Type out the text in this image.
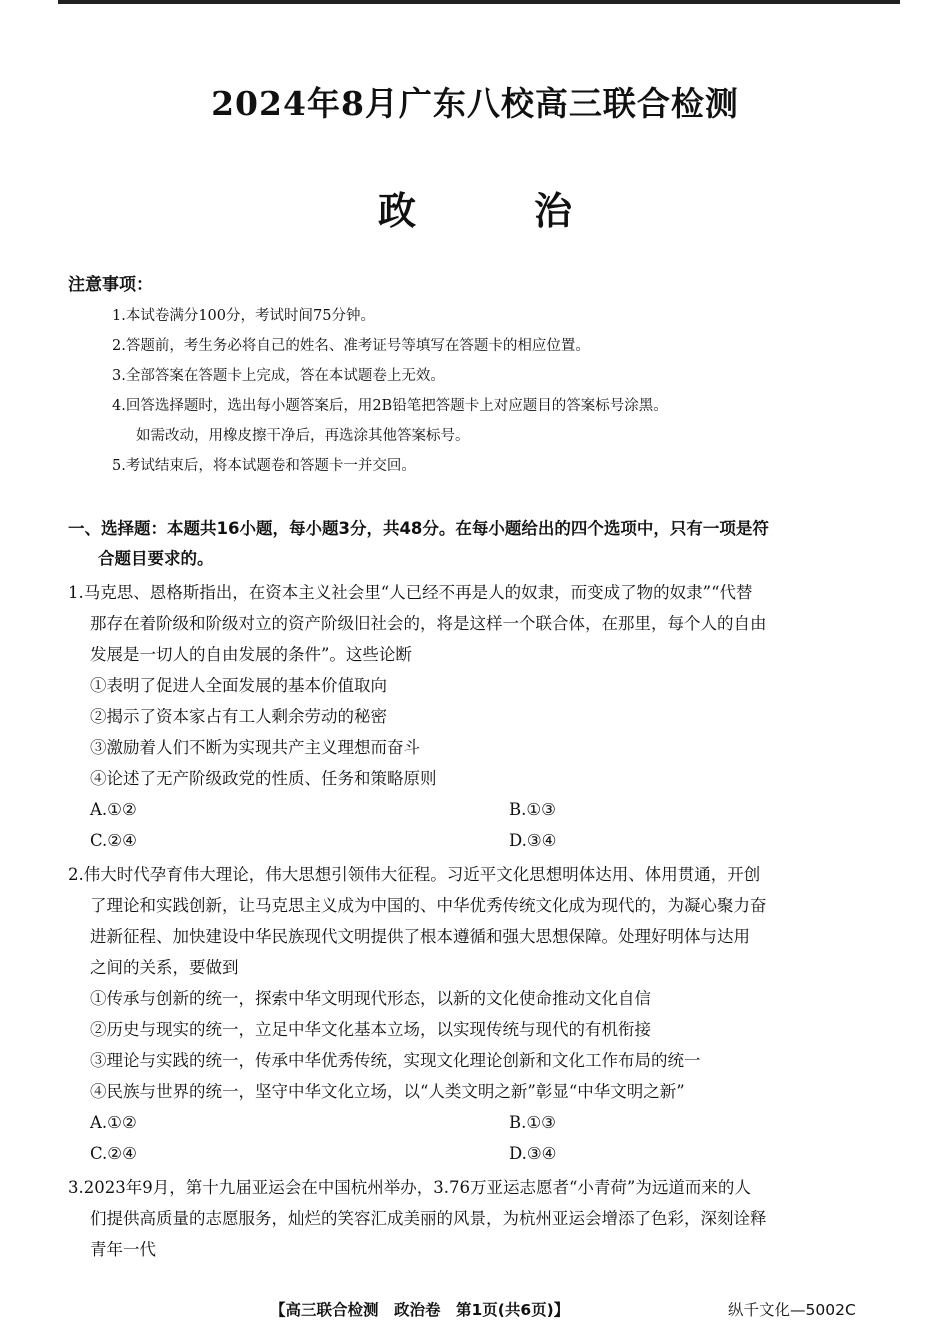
2024年8月广东八校高三联合检测
政　治
注意事项：
1.本试卷满分100分，考试时间75分钟。
2.答题前，考生务必将自己的姓名、准考证号等填写在答题卡的相应位置。
3.全部答案在答题卡上完成，答在本试题卷上无效。
4.回答选择题时，选出每小题答案后，用2B铅笔把答题卡上对应题目的答案标号涂黑。
如需改动，用橡皮擦干净后，再选涂其他答案标号。
5.考试结束后，将本试题卷和答题卡一并交回。
一、选择题：本题共16小题，每小题3分，共48分。在每小题给出的四个选项中，只有一项是符
合题目要求的。
1.马克思、恩格斯指出，在资本主义社会里“人已经不再是人的奴隶，而变成了物的奴隶”“代替
那存在着阶级和阶级对立的资产阶级旧社会的，将是这样一个联合体，在那里，每个人的自由
发展是一切人的自由发展的条件”。这些论断
①表明了促进人全面发展的基本价值取向
②揭示了资本家占有工人剩余劳动的秘密
③激励着人们不断为实现共产主义理想而奋斗
④论述了无产阶级政党的性质、任务和策略原则
A.①②	B.①③
C.②④	D.③④
2.伟大时代孕育伟大理论，伟大思想引领伟大征程。习近平文化思想明体达用、体用贯通，开创
了理论和实践创新，让马克思主义成为中国的、中华优秀传统文化成为现代的，为凝心聚力奋
进新征程、加快建设中华民族现代文明提供了根本遵循和强大思想保障。处理好明体与达用
之间的关系，要做到
①传承与创新的统一，探索中华文明现代形态，以新的文化使命推动文化自信
②历史与现实的统一，立足中华文化基本立场，以实现传统与现代的有机衔接
③理论与实践的统一，传承中华优秀传统，实现文化理论创新和文化工作布局的统一
④民族与世界的统一，坚守中华文化立场，以“人类文明之新”彰显“中华文明之新”
A.①②	B.①③
C.②④	D.③④
3.2023年9月，第十九届亚运会在中国杭州举办，3.76万亚运志愿者“小青荷”为远道而来的人
们提供高质量的志愿服务，灿烂的笑容汇成美丽的风景，为杭州亚运会增添了色彩，深刻诠释
青年一代
【高三联合检测　政治卷　第1页(共6页)】	纵千文化—5002C
